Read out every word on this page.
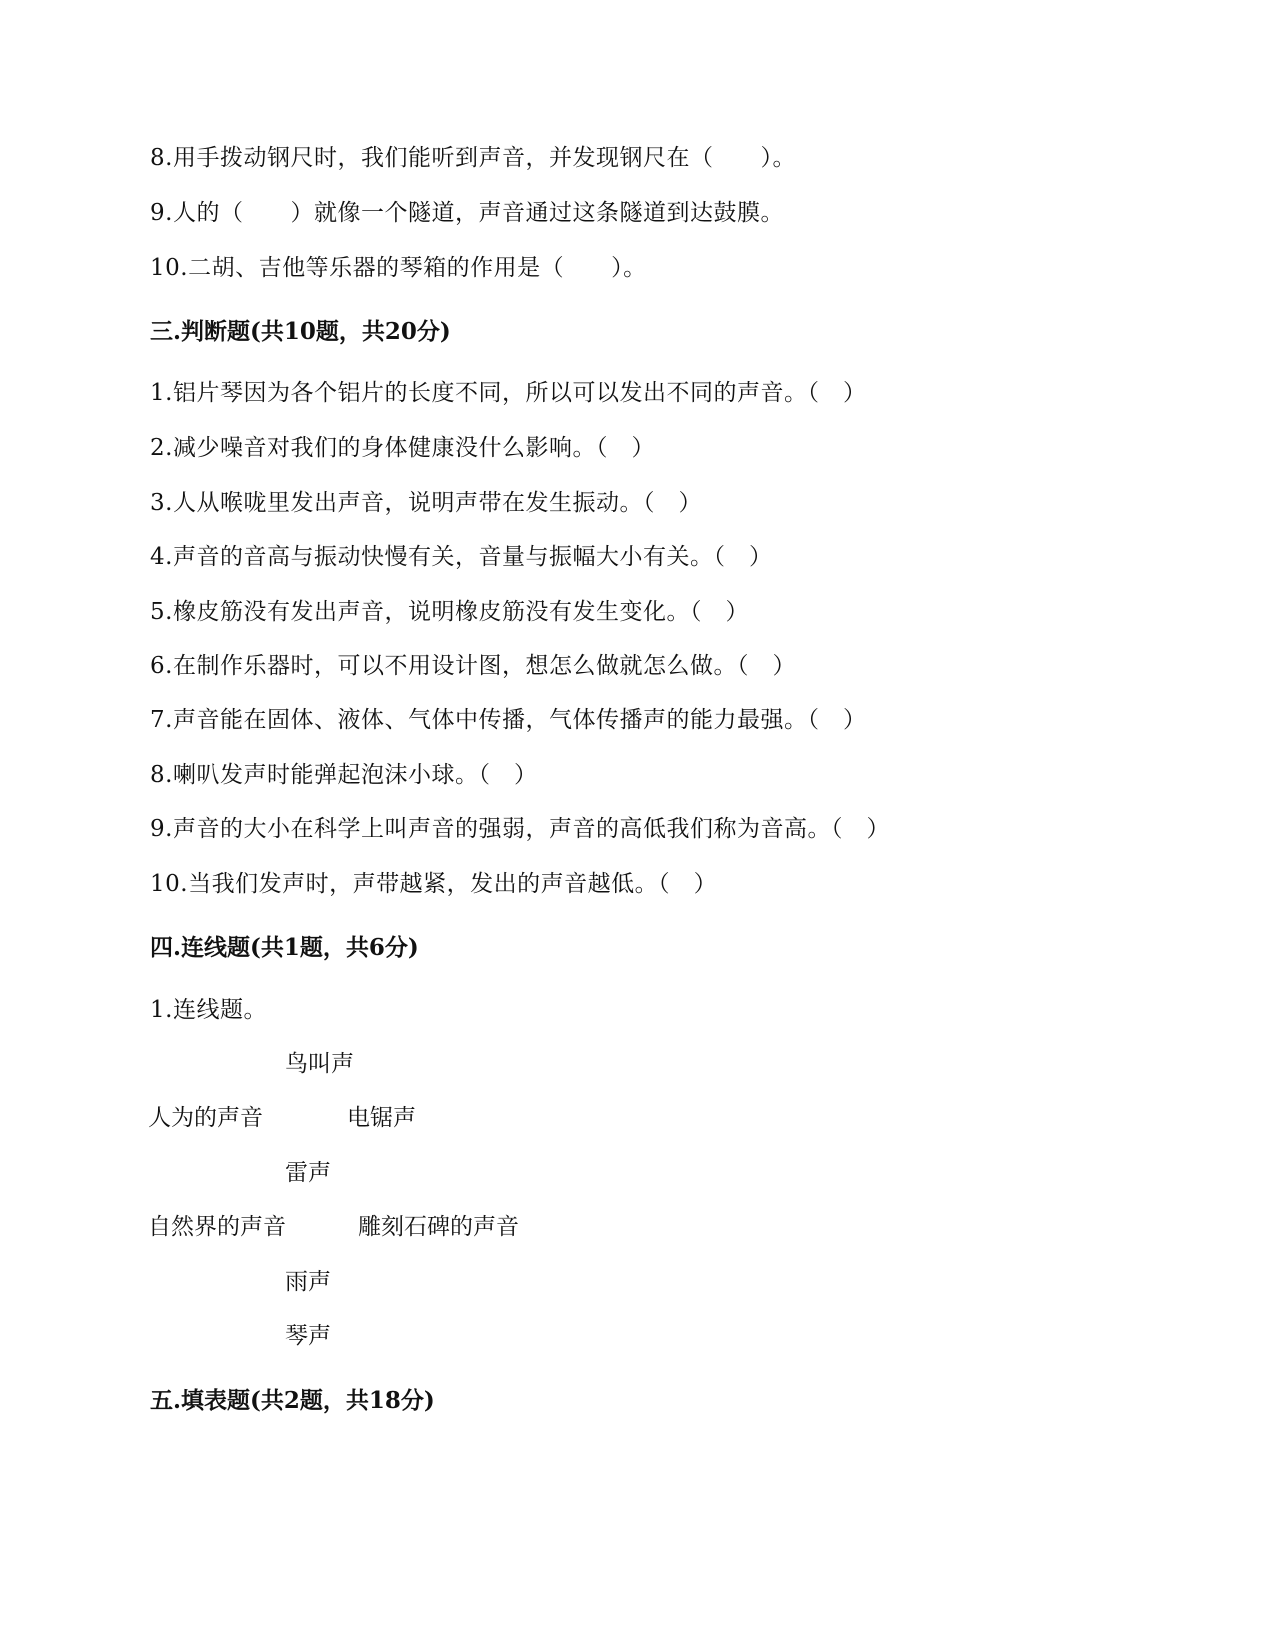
8.用手拨动钢尺时，我们能听到声音，并发现钢尺在（　　）。
9.人的（　　）就像一个隧道，声音通过这条隧道到达鼓膜。
10.二胡、吉他等乐器的琴箱的作用是（　　）。
三.判断题(共10题，共20分)
1.铝片琴因为各个铝片的长度不同，所以可以发出不同的声音。（　）
2.减少噪音对我们的身体健康没什么影响。（　）
3.人从喉咙里发出声音，说明声带在发生振动。（　）
4.声音的音高与振动快慢有关，音量与振幅大小有关。（　）
5.橡皮筋没有发出声音，说明橡皮筋没有发生变化。（　）
6.在制作乐器时，可以不用设计图，想怎么做就怎么做。（　）
7.声音能在固体、液体、气体中传播，气体传播声的能力最强。（　）
8.喇叭发声时能弹起泡沫小球。（　）
9.声音的大小在科学上叫声音的强弱，声音的高低我们称为音高。（　）
10.当我们发声时，声带越紧，发出的声音越低。（　）
四.连线题(共1题，共6分)
1.连线题。
鸟叫声
人为的声音	电锯声
雷声
自然界的声音	雕刻石碑的声音
雨声
琴声
五.填表题(共2题，共18分)
